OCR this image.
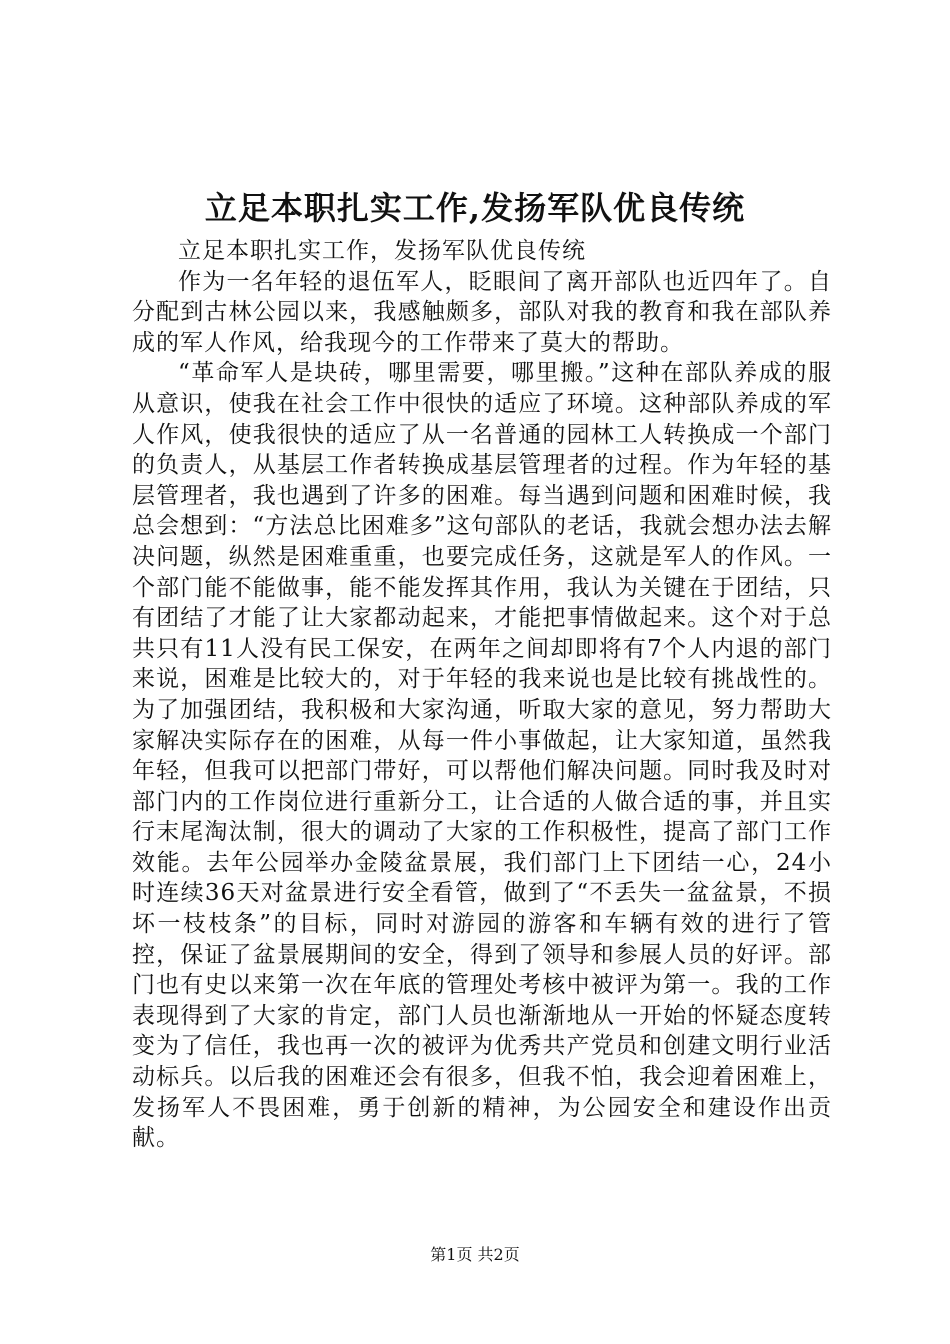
立足本职扎实工作,发扬军队优良传统

立足本职扎实工作，发扬军队优良传统

作为一名年轻的退伍军人，眨眼间了离开部队也近四年了。自分配到古林公园以来，我感触颇多，部队对我的教育和我在部队养成的军人作风，给我现今的工作带来了莫大的帮助。

“革命军人是块砖，哪里需要，哪里搬。”这种在部队养成的服从意识，使我在社会工作中很快的适应了环境。这种部队养成的军人作风，使我很快的适应了从一名普通的园林工人转换成一个部门的负责人，从基层工作者转换成基层管理者的过程。作为年轻的基层管理者，我也遇到了许多的困难。每当遇到问题和困难时候，我总会想到：“方法总比困难多”这句部队的老话，我就会想办法去解决问题，纵然是困难重重，也要完成任务，这就是军人的作风。一个部门能不能做事，能不能发挥其作用，我认为关键在于团结，只有团结了才能了让大家都动起来，才能把事情做起来。这个对于总共只有11人没有民工保安，在两年之间却即将有7个人内退的部门来说，困难是比较大的，对于年轻的我来说也是比较有挑战性的。为了加强团结，我积极和大家沟通，听取大家的意见，努力帮助大家解决实际存在的困难，从每一件小事做起，让大家知道，虽然我年轻，但我可以把部门带好，可以帮他们解决问题。同时我及时对部门内的工作岗位进行重新分工，让合适的人做合适的事，并且实行末尾淘汰制，很大的调动了大家的工作积极性，提高了部门工作效能。去年公园举办金陵盆景展，我们部门上下团结一心，24小时连续36天对盆景进行安全看管，做到了“不丢失一盆盆景，不损坏一枝枝条”的目标，同时对游园的游客和车辆有效的进行了管控，保证了盆景展期间的安全，得到了领导和参展人员的好评。部门也有史以来第一次在年底的管理处考核中被评为第一。我的工作表现得到了大家的肯定，部门人员也渐渐地从一开始的怀疑态度转变为了信任，我也再一次的被评为优秀共产党员和创建文明行业活动标兵。以后我的困难还会有很多，但我不怕，我会迎着困难上，发扬军人不畏困难，勇于创新的精神，为公园安全和建设作出贡献。

第1页 共2页
